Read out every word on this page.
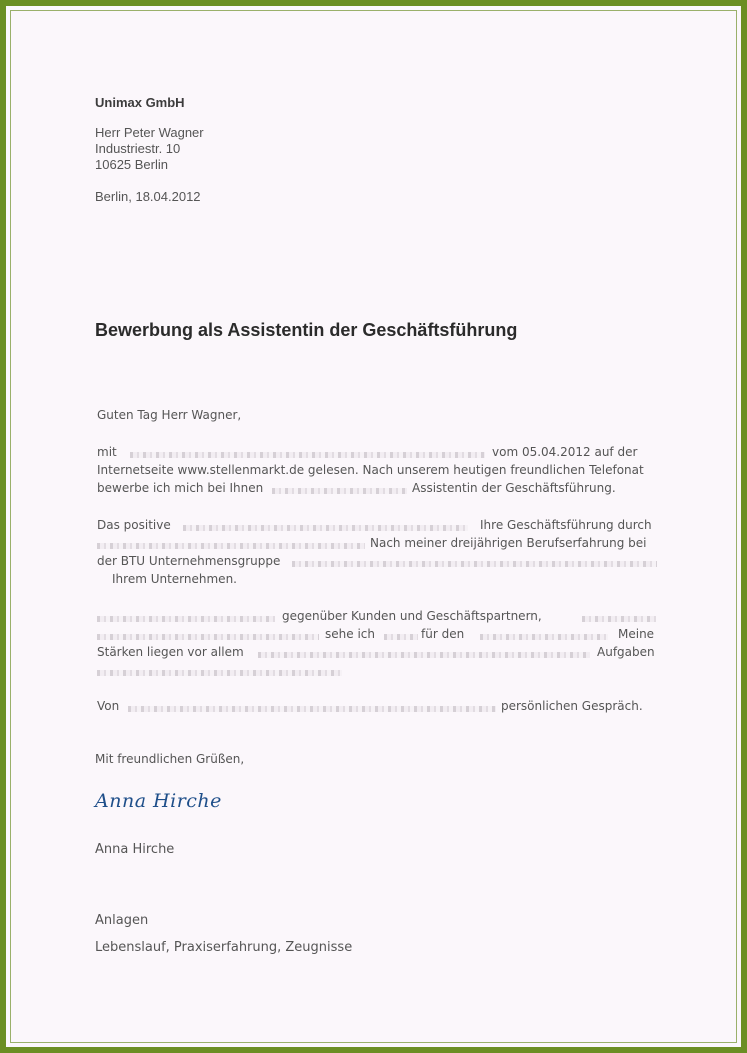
Unimax GmbH
Herr Peter Wagner
Industriestr. 10
10625 Berlin
Berlin, 18.04.2012
Bewerbung als Assistentin der Geschäftsführung
Guten Tag Herr Wagner,
mit	vom 05.04.2012 auf der
Internetseite www.stellenmarkt.de gelesen. Nach unserem heutigen freundlichen Telefonat
bewerbe ich mich bei Ihnen	Assistentin der Geschäftsführung.
Das positive	Ihre Geschäftsführung durch
Nach meiner dreijährigen Berufserfahrung bei
der BTU Unternehmensgruppe
Ihrem Unternehmen.
gegenüber Kunden und Geschäftspartnern,
sehe ich	für den	Meine
Stärken liegen vor allem	Aufgaben
Von	persönlichen Gespräch.
Mit freundlichen Grüßen,
Anna Hirche
Anna Hirche
Anlagen
Lebenslauf, Praxiserfahrung, Zeugnisse
